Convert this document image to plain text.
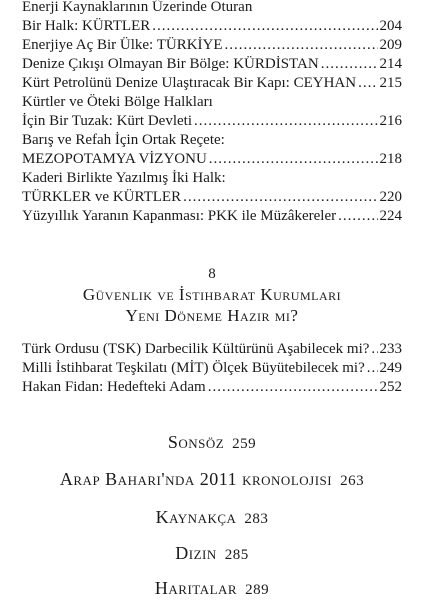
Enerji Kaynaklarının Üzerinde Oturan
Bir Halk: KÜRTLER .....	204
Enerjiye Aç Bir Ülke: TÜRKİYE .....	209
Denize Çıkışı Olmayan Bir Bölge: KÜRDİSTAN .....	214
Kürt Petrolünü Denize Ulaştıracak Bir Kapı: CEYHAN ..... 215
Kürtler ve Öteki Bölge Halkları
İçin Bir Tuzak: Kürt Devleti .....	216
Barış ve Refah İçin Ortak Reçete:
MEZOPOTAMYA VİZYONU .....	218
Kaderi Birlikte Yazılmış İki Halk:
TÜRKLER ve KÜRTLER .....	220
Yüzyıllık Yaranın Kapanması: PKK ile Müzâkereler .....	224
8
Güvenlik ve İstihbarat Kurumları
Yeni Döneme Hazır mı?
Türk Ordusu (TSK) Darbecilik Kültürünü Aşabilecek mi? ..... 233
Milli İstihbarat Teşkilatı (MİT) Ölçek Büyütebilecek mi? ..... 249
Hakan Fidan: Hedefteki Adam .....	252
Sonsöz 259
Arap Baharı'nda 2011 kronolojisi 263
Kaynakça 283
Dizin 285
Haritalar 289
